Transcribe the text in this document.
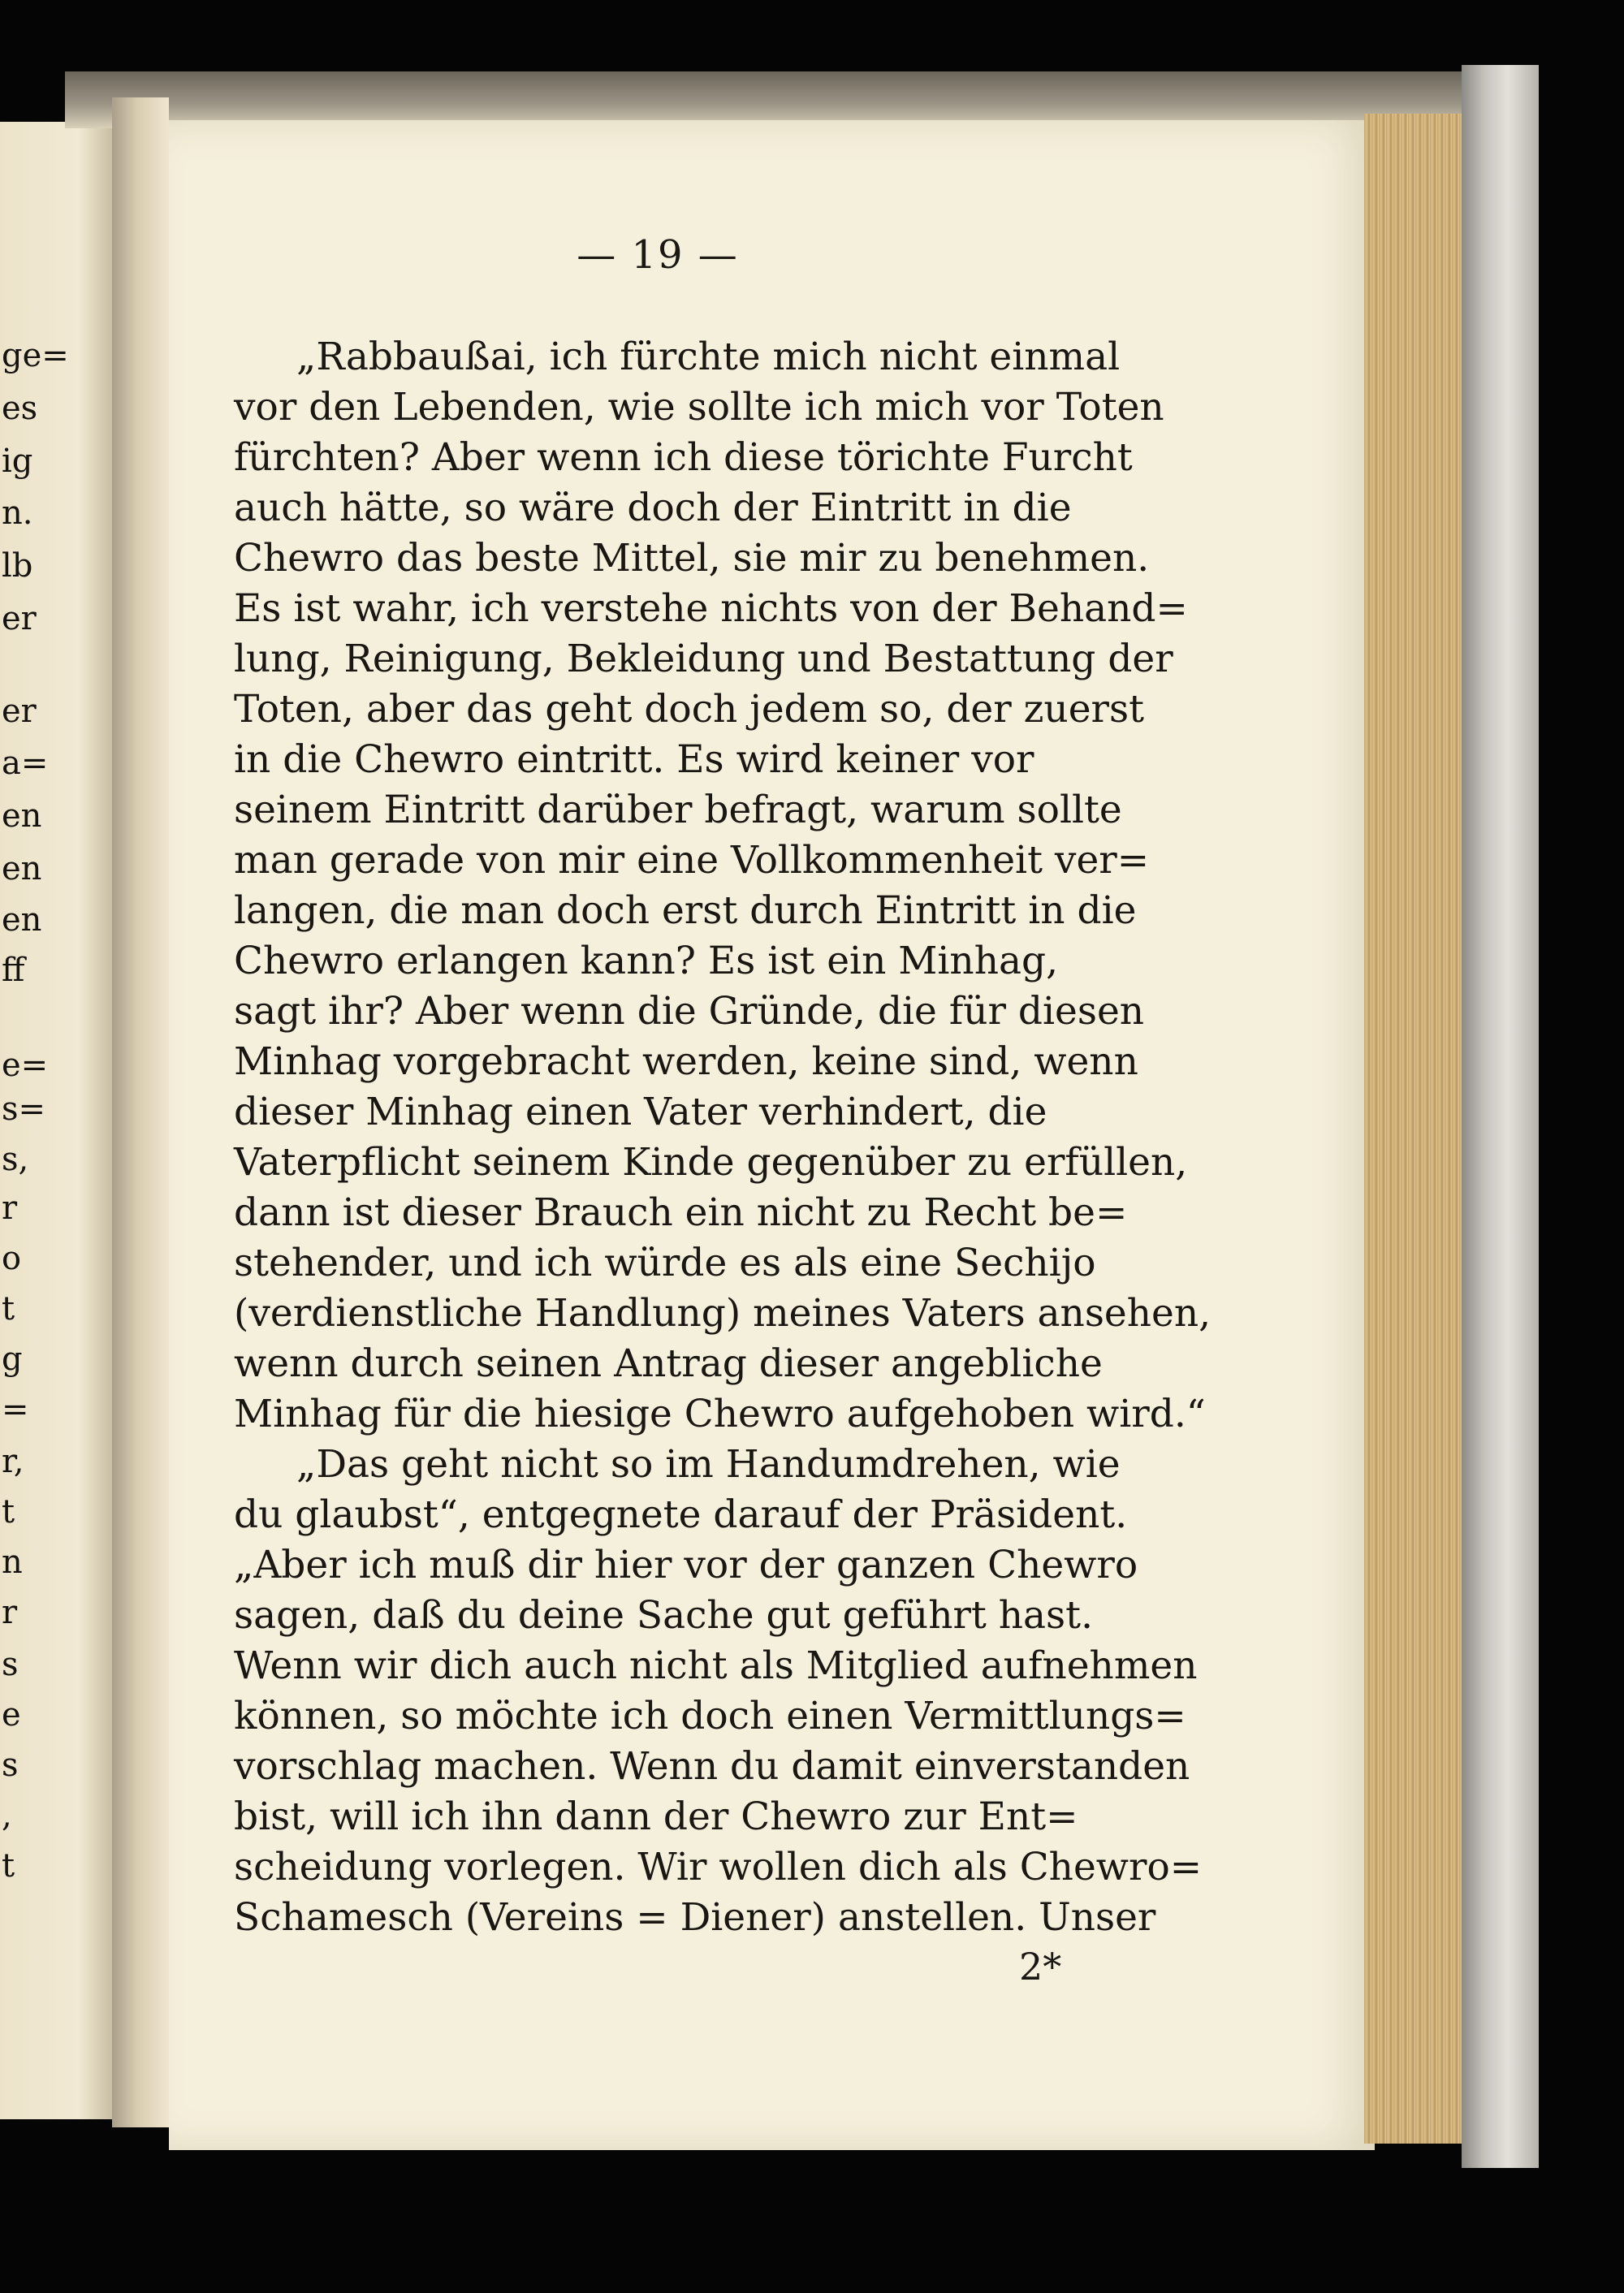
ge=
es
ig
n.
lb
er
er
a=
en
en
en
ff
e=
s=
s,
r
o
t
g
=
r,
t
n
r
s
e
s
,
t
— 19 —
„Rabbaußai, ich fürchte mich nicht einmal
vor den Lebenden, wie sollte ich mich vor Toten
fürchten? Aber wenn ich diese törichte Furcht
auch hätte, so wäre doch der Eintritt in die
Chewro das beste Mittel, sie mir zu benehmen.
Es ist wahr, ich verstehe nichts von der Behand=
lung, Reinigung, Bekleidung und Bestattung der
Toten, aber das geht doch jedem so, der zuerst
in die Chewro eintritt. Es wird keiner vor
seinem Eintritt darüber befragt, warum sollte
man gerade von mir eine Vollkommenheit ver=
langen, die man doch erst durch Eintritt in die
Chewro erlangen kann? Es ist ein Minhag,
sagt ihr? Aber wenn die Gründe, die für diesen
Minhag vorgebracht werden, keine sind, wenn
dieser Minhag einen Vater verhindert, die
Vaterpflicht seinem Kinde gegenüber zu erfüllen,
dann ist dieser Brauch ein nicht zu Recht be=
stehender, und ich würde es als eine Sechijo
(verdienstliche Handlung) meines Vaters ansehen,
wenn durch seinen Antrag dieser angebliche
Minhag für die hiesige Chewro aufgehoben wird.“
„Das geht nicht so im Handumdrehen, wie
du glaubst“, entgegnete darauf der Präsident.
„Aber ich muß dir hier vor der ganzen Chewro
sagen, daß du deine Sache gut geführt hast.
Wenn wir dich auch nicht als Mitglied aufnehmen
können, so möchte ich doch einen Vermittlungs=
vorschlag machen. Wenn du damit einverstanden
bist, will ich ihn dann der Chewro zur Ent=
scheidung vorlegen. Wir wollen dich als Chewro=
Schamesch (Vereins = Diener) anstellen. Unser
2*
